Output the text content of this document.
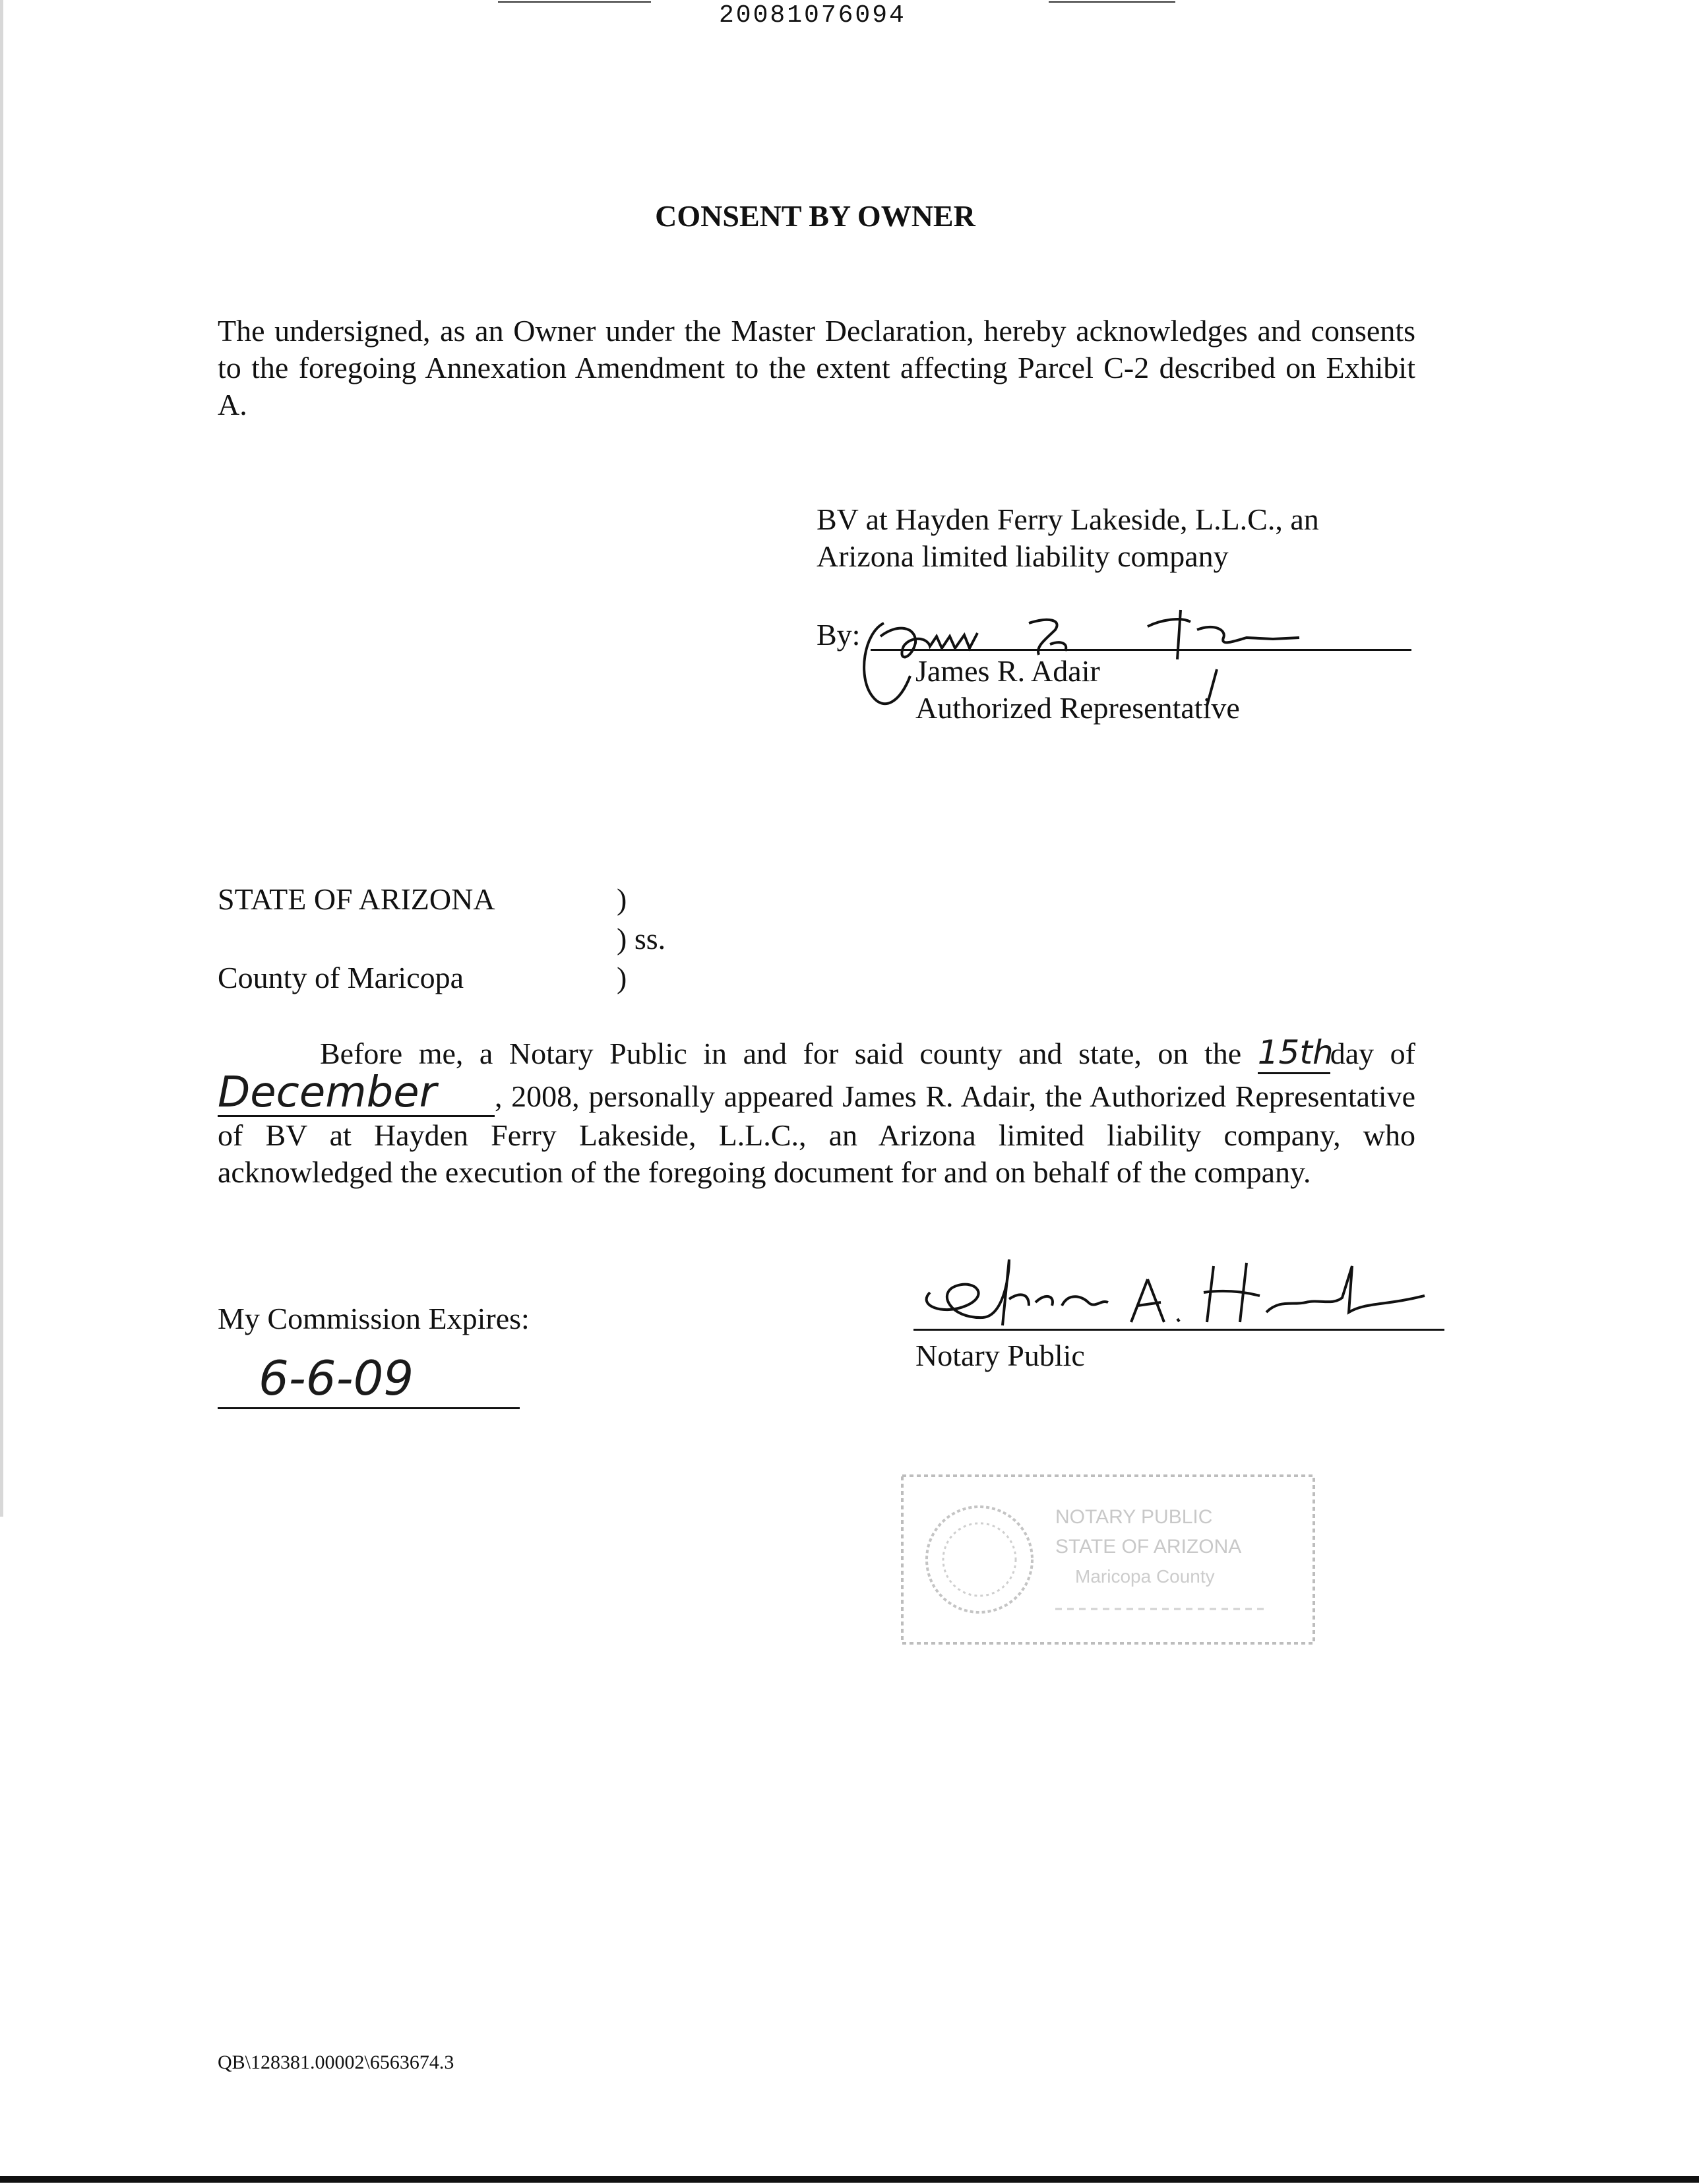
20081076094
CONSENT BY OWNER
The undersigned, as an Owner under the Master Declaration, hereby acknowledges and consents to the foregoing Annexation Amendment to the extent affecting Parcel C-2 described on Exhibit A.
BV at Hayden Ferry Lakeside, L.L.C., an
Arizona limited liability company
By:
James R. Adair
Authorized Representative
STATE OF ARIZONA	)
) ss.
)
County of Maricopa
Before me, a Notary Public in and for said county and state, on the 15thday of December , 2008, personally appeared James R. Adair, the Authorized Representative of BV at Hayden Ferry Lakeside, L.L.C., an Arizona limited liability company, who acknowledged the execution of the foregoing document for and on behalf of the company.
My Commission Expires:
6-6-09	Notary Public
NOTARY PUBLIC
STATE OF ARIZONA
Maricopa County
QB\128381.00002\6563674.3
